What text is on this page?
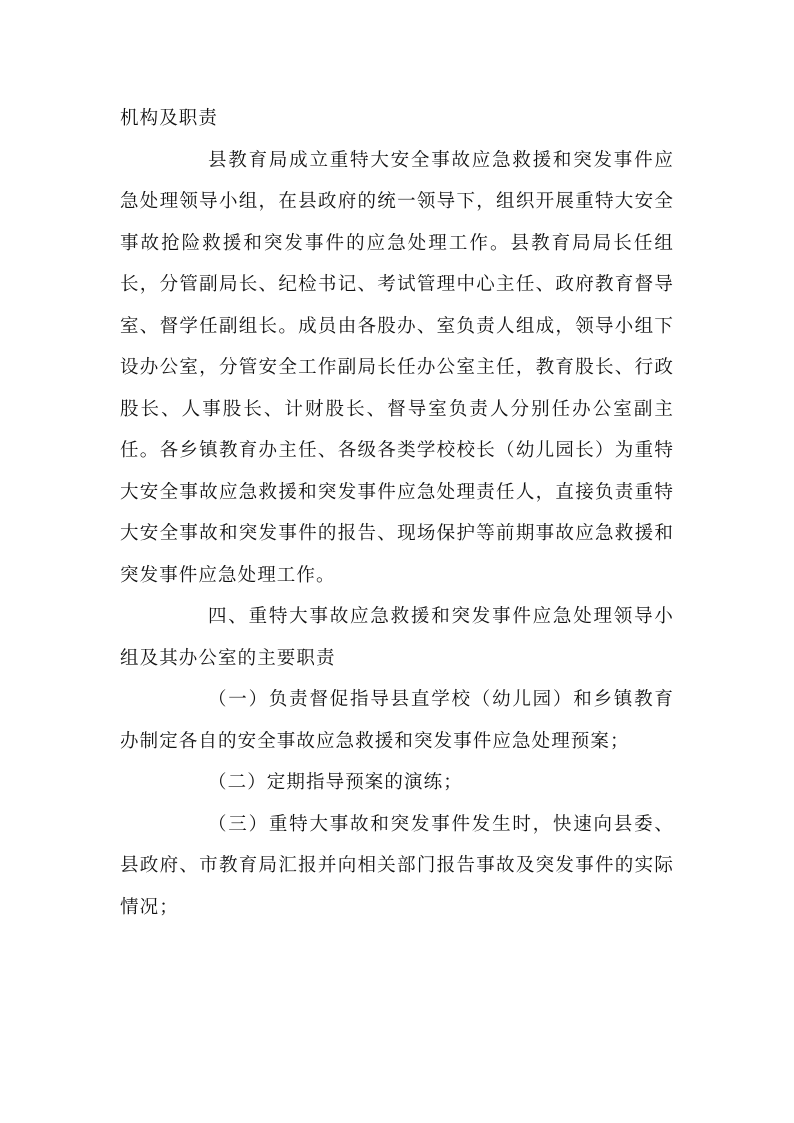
机构及职责

县教育局成立重特大安全事故应急救援和突发事件应急处理领导小组，在县政府的统一领导下，组织开展重特大安全事故抢险救援和突发事件的应急处理工作。县教育局局长任组长，分管副局长、纪检书记、考试管理中心主任、政府教育督导室、督学任副组长。成员由各股办、室负责人组成，领导小组下设办公室，分管安全工作副局长任办公室主任，教育股长、行政股长、人事股长、计财股长、督导室负责人分别任办公室副主任。各乡镇教育办主任、各级各类学校校长（幼儿园长）为重特大安全事故应急救援和突发事件应急处理责任人，直接负责重特大安全事故和突发事件的报告、现场保护等前期事故应急救援和突发事件应急处理工作。

四、重特大事故应急救援和突发事件应急处理领导小组及其办公室的主要职责

（一）负责督促指导县直学校（幼儿园）和乡镇教育办制定各自的安全事故应急救援和突发事件应急处理预案；

（二）定期指导预案的演练；

（三）重特大事故和突发事件发生时，快速向县委、县政府、市教育局汇报并向相关部门报告事故及突发事件的实际情况；
